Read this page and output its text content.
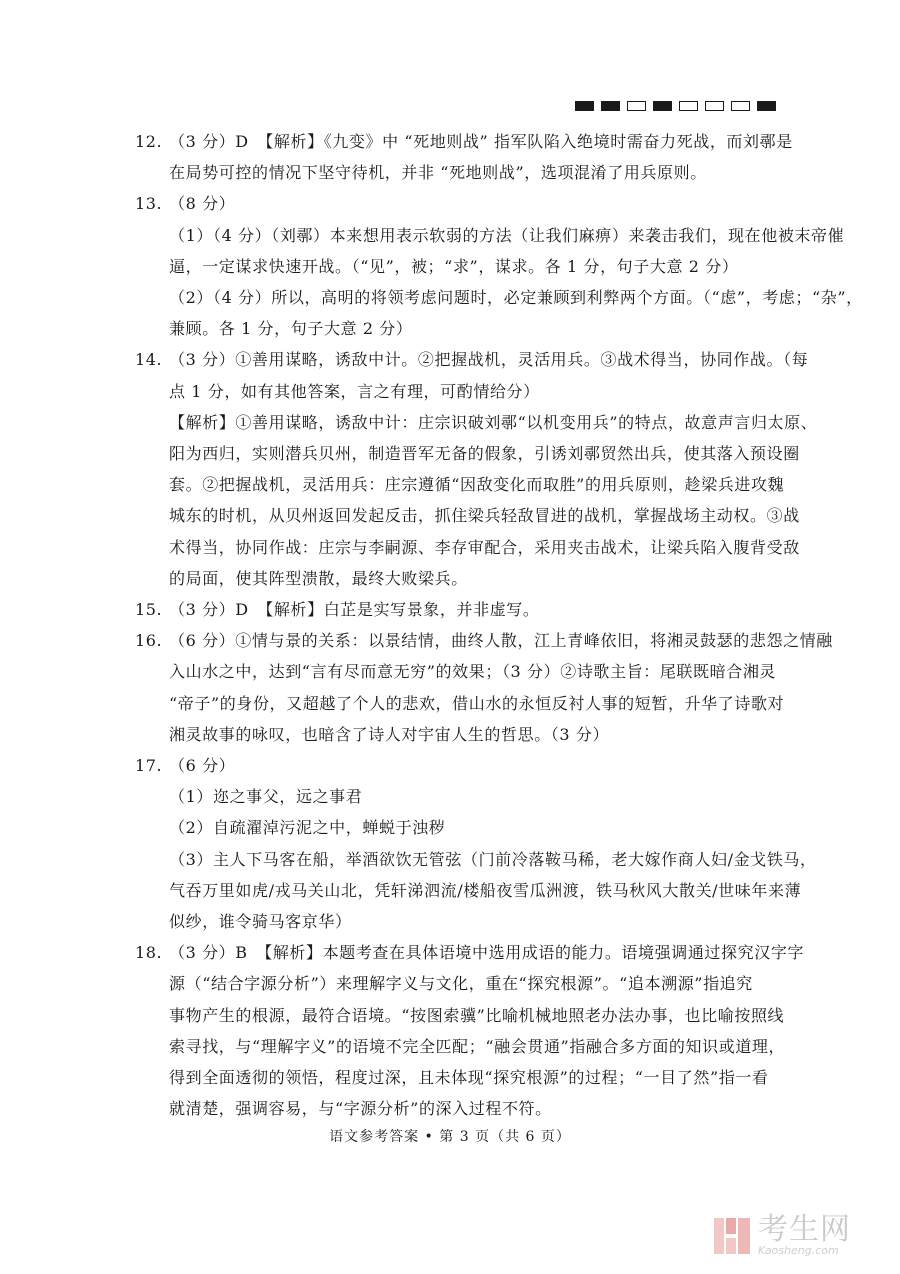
12. （3 分）D　【解析】《九变》中 “死地则战” 指军队陷入绝境时需奋力死战，而刘鄩是
在局势可控的情况下坚守待机，并非 “死地则战”，选项混淆了用兵原则。
13. （8 分）
（1）（4 分）（刘鄩）本来想用表示软弱的方法（让我们麻痹）来袭击我们，现在他被末帝催
逼，一定谋求快速开战。（“见”，被；“求”，谋求。各 1 分，句子大意 2 分）
（2）（4 分）所以，高明的将领考虑问题时，必定兼顾到利弊两个方面。（“虑”，考虑；“杂”，
兼顾。各 1 分，句子大意 2 分）
14. （3 分）①善用谋略，诱敌中计。②把握战机，灵活用兵。③战术得当，协同作战。（每
点 1 分，如有其他答案，言之有理，可酌情给分）
【解析】①善用谋略，诱敌中计：庄宗识破刘鄩“以机变用兵”的特点，故意声言归太原、
阳为西归，实则潜兵贝州，制造晋军无备的假象，引诱刘鄩贸然出兵，使其落入预设圈
套。②把握战机，灵活用兵：庄宗遵循“因敌变化而取胜”的用兵原则，趁梁兵进攻魏
城东的时机，从贝州返回发起反击，抓住梁兵轻敌冒进的战机，掌握战场主动权。③战
术得当，协同作战：庄宗与李嗣源、李存审配合，采用夹击战术，让梁兵陷入腹背受敌
的局面，使其阵型溃散，最终大败梁兵。
15. （3 分）D　【解析】白芷是实写景象，并非虚写。
16. （6 分）①情与景的关系：以景结情，曲终人散，江上青峰依旧，将湘灵鼓瑟的悲怨之情融
入山水之中，达到“言有尽而意无穷”的效果；（3 分）②诗歌主旨：尾联既暗合湘灵
“帝子”的身份，又超越了个人的悲欢，借山水的永恒反衬人事的短暂，升华了诗歌对
湘灵故事的咏叹，也暗含了诗人对宇宙人生的哲思。（3 分）
17. （6 分）
（1）迩之事父，远之事君
（2）自疏濯淖污泥之中，蝉蜕于浊秽
（3）主人下马客在船，举酒欲饮无管弦（门前冷落鞍马稀，老大嫁作商人妇/金戈铁马，
气吞万里如虎/戎马关山北，凭轩涕泗流/楼船夜雪瓜洲渡，铁马秋风大散关/世味年来薄
似纱，谁令骑马客京华）
18. （3 分）B　【解析】本题考查在具体语境中选用成语的能力。语境强调通过探究汉字字
源（“结合字源分析”）来理解字义与文化，重在“探究根源”。“追本溯源”指追究
事物产生的根源，最符合语境。“按图索骥”比喻机械地照老办法办事，也比喻按照线
索寻找，与“理解字义”的语境不完全匹配；“融会贯通”指融合多方面的知识或道理，
得到全面透彻的领悟，程度过深，且未体现“探究根源”的过程；“一目了然”指一看
就清楚，强调容易，与“字源分析”的深入过程不符。
语文参考答案 • 第 3 页（共 6 页）
考生网
Kaosheng.com
